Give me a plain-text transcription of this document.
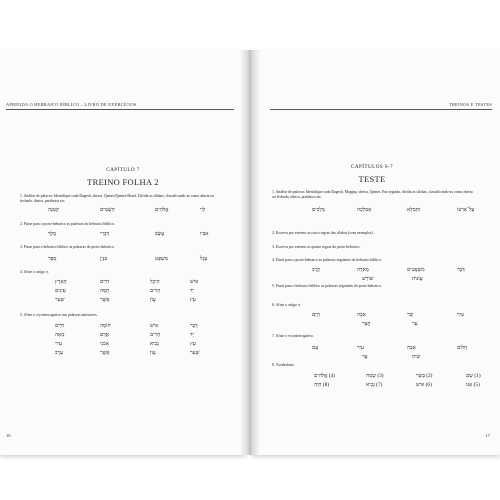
APRENDA O HEBRAICO BÍBLICO – LIVRO DE EXERCÍCIOS
CAPÍTULO 7
TREINO FOLHA 2
1. Análise de palavra: Identifique cada Dagesh, shewa, Qames/Qames-Hatuf. Divida as sílabas, classificando-as como aberta ou fechada, tônica, pretônica etc.
לֵוִי
אֱלֹהִים
הַשָּׁמַיִם
קְטַנָּה
2. Passe para o proto-hebraico as palavras do hebraico bíblico.
אָבִיו
עֶשֶׂב
דְּבָרִי
מֶלֶךְ
3. Passe para o hebraico bíblico as palavras do proto-hebraico.
עֵגֶל
מִשְׁפָּט
בִּנְיָן
סֵפֶר
4. Afixe o artigo הַ.
אִישׁ
הֵיכָל
חַיִּים
הָאָרֶץ
יָד
הָרִים
חֻמָּה
עֵינַיִם
עֵץ
עֲוֹן
אֲשֶׁר
שַׁעַר
5. Afixe o מָה interrogativo nas palavras anteriores.
דָּבָר
אִישׁ
חוֹמָה
חַיִּים
יָד
הֵרִים
אֲדָם
מֵאָה
עֵץ
נָבִיא
אָנֹכִי
עִיר
שַׁעַר
עֲוֹן
אֲשֶׁר
עֶרֶב
16
TREINOS E TESTES
CAPÍTULOS 6-7
TESTE
1. Análise de palavra: Identifique cada Dagesh, Mappiq, shewa, Qames. Em seguida, divida as sílabas, classificando-as como aberta ou fechada, tônica, pretônica etc.
עַל־אַרְצוֹ
וַתְּמַלֵּא
אֶמְלְכָה
מְלָכִים
2. Escreva por extenso as cinco regras das sílabas (com exemplos).
3. Escreva por extenso as quatro regras do proto-hebraico.
4. Passe para o proto-hebraico as palavras seguintes do hebraico bíblico.
דָּבָר
מִשְׁפָּטִים
מְאֹדֶה
קֶרֶב
עֲוֹנוֹת
שׁוֹרְשׁ
5. Passe para o hebraico bíblico as palavras seguintes do proto-hebraico.
6. Afixe o artigo הַ.
עִיר
יַבַּר
אָבָה
הַיָּם
עָר
חֲצַר
7. Afixe o מָה interrogativo.
חֲלוֹם
אָבָה
עִיר
עָם
שִׂיחַ
עָר
8. Vocabulário.
(1) שֵׁם
(2) בָּשָׂר
(3) שָׂמַח
(4) אֱלֹהִים
(5) אָנוּ
(6) אִישׁ
(7) נָבִיא
(8) חָיָה
17
